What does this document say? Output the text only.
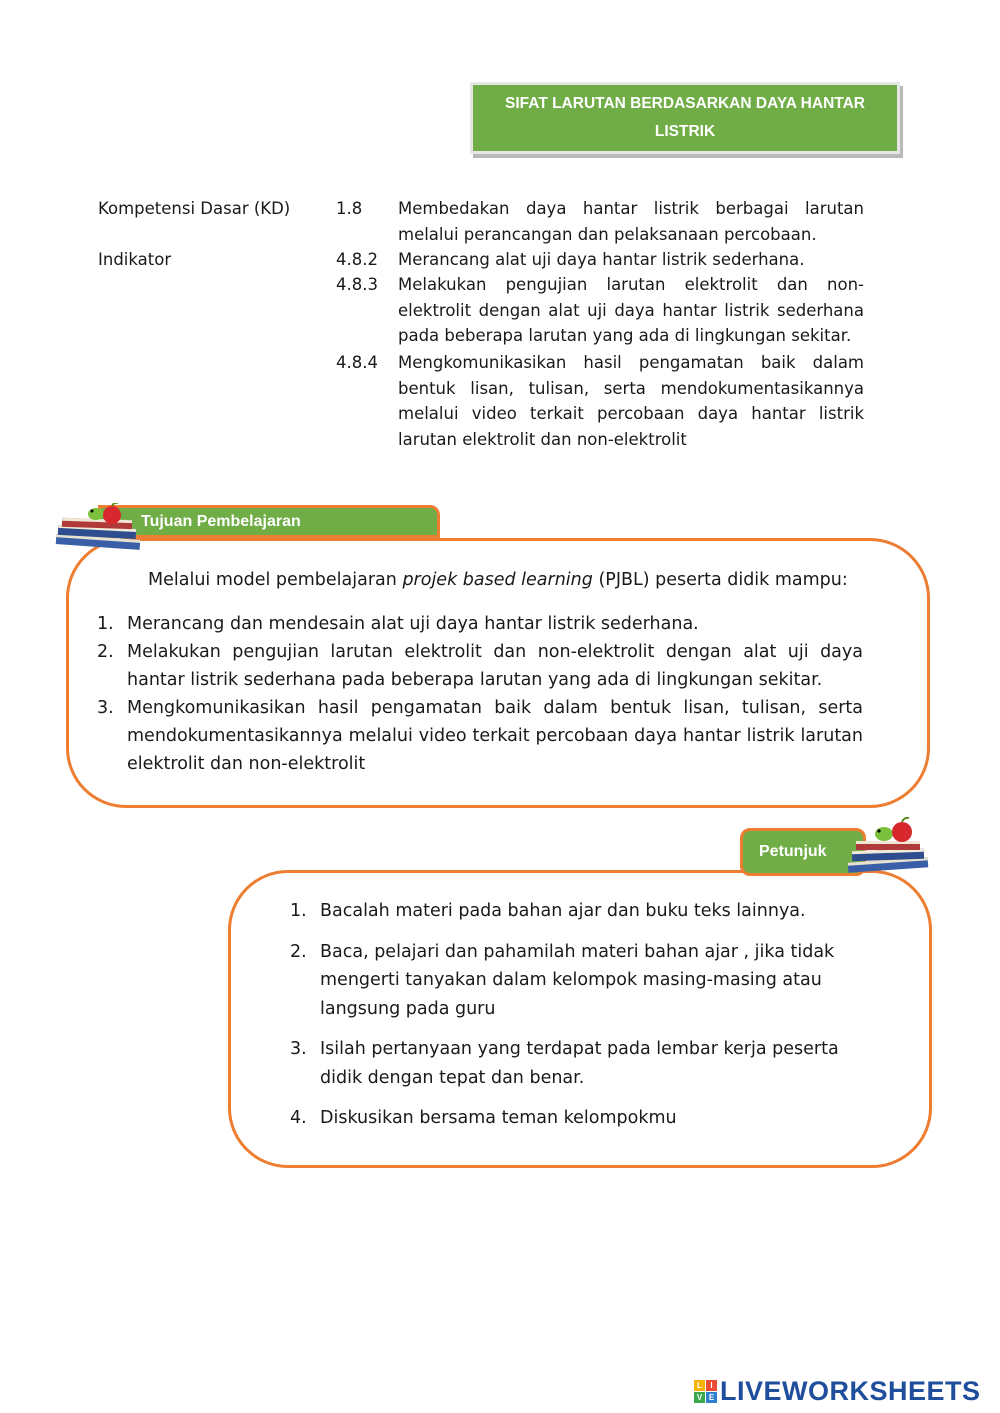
SIFAT LARUTAN BERDASARKAN DAYA HANTAR LISTRIK
Kompetensi Dasar (KD)	1.8 Membedakan daya hantar listrik berbagai larutan melalui perancangan dan pelaksanaan percobaan.
Indikator	4.8.2 Merancang alat uji daya hantar listrik sederhana.
4.8.3 Melakukan pengujian larutan elektrolit dan non-elektrolit dengan alat uji daya hantar listrik sederhana pada beberapa larutan yang ada di lingkungan sekitar.
4.8.4 Mengkomunikasikan hasil pengamatan baik dalam bentuk lisan, tulisan, serta mendokumentasikannya melalui video terkait percobaan daya hantar listrik larutan elektrolit dan non-elektrolit
Tujuan Pembelajaran
Melalui model pembelajaran projek based learning (PJBL) peserta didik mampu:
1. Merancang dan mendesain alat uji daya hantar listrik sederhana.
2. Melakukan pengujian larutan elektrolit dan non-elektrolit dengan alat uji daya hantar listrik sederhana pada beberapa larutan yang ada di lingkungan sekitar.
3. Mengkomunikasikan hasil pengamatan baik dalam bentuk lisan, tulisan, serta mendokumentasikannya melalui video terkait percobaan daya hantar listrik larutan elektrolit dan non-elektrolit
Petunjuk
1. Bacalah materi pada bahan ajar dan buku teks lainnya.
2. Baca, pelajari dan pahamilah materi bahan ajar , jika tidak mengerti tanyakan dalam kelompok masing-masing atau langsung pada guru
3. Isilah pertanyaan yang terdapat pada lembar kerja peserta didik dengan tepat dan benar.
4. Diskusikan bersama teman kelompokmu
L	I
V E LIVEWORKSHEETS
